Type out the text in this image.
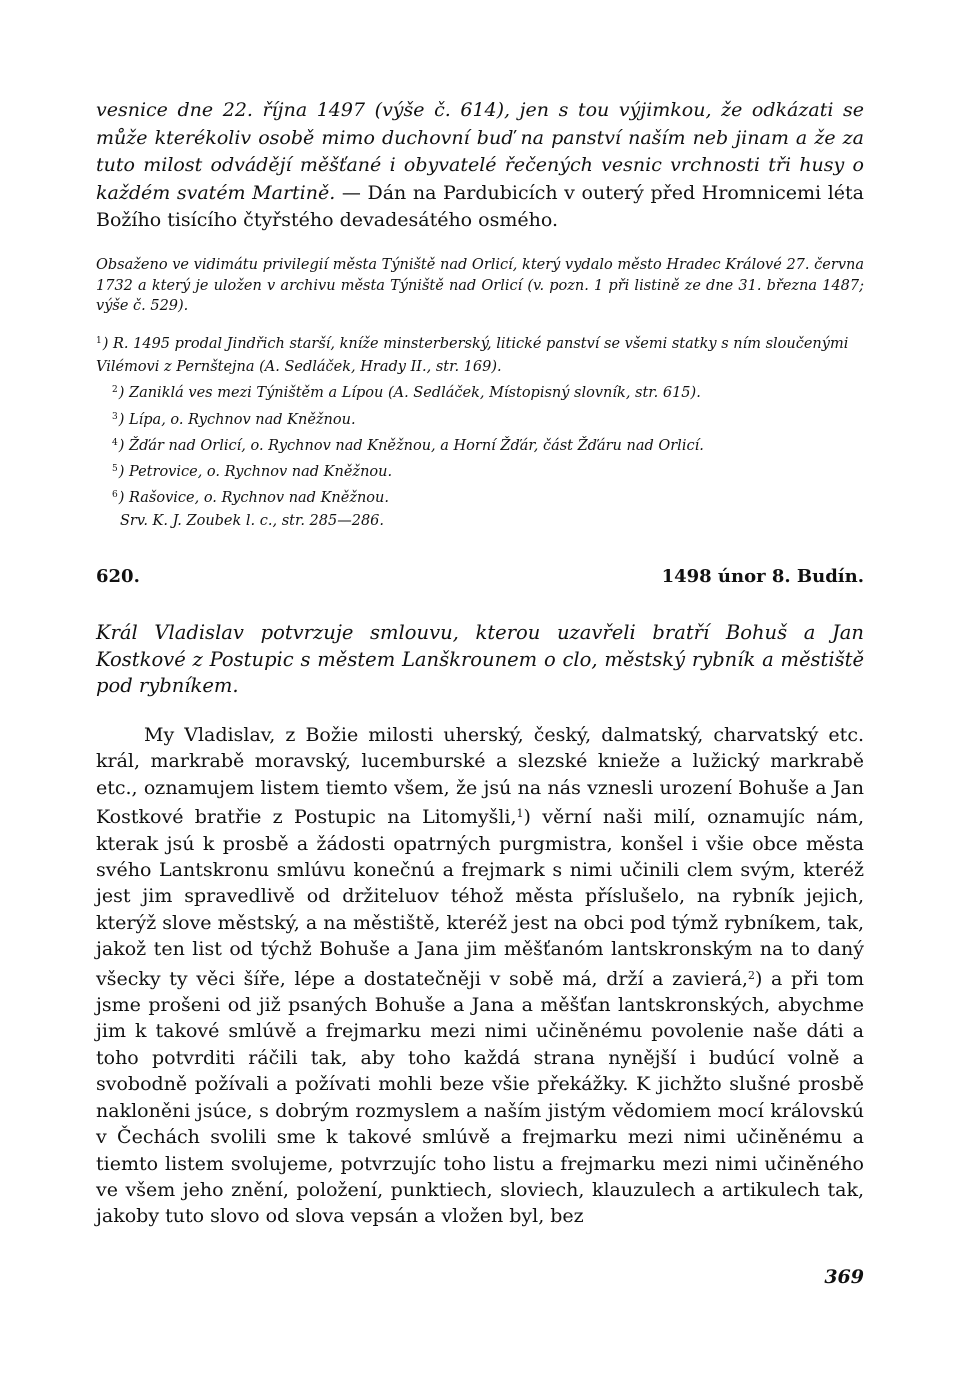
vesnice dne 22. října 1497 (výše č. 614), jen s tou výjimkou, že odkázati se může kterékoliv osobě mimo duchovní buď na panství naším neb jinam a že za tuto milost odvádějí měšťané i obyvatelé řečených vesnic vrchnosti tři husy o každém svatém Martině. — Dán na Pardubicích v outerý před Hromnicemi léta Božího tisícího čtyřstého devadesátého osmého.

Obsaženo ve vidimátu privilegií města Týniště nad Orlicí, který vydalo město Hradec Králové 27. června 1732 a který je uložen v archivu města Týniště nad Orlicí (v. pozn. 1 při listině ze dne 31. března 1487; výše č. 529).

$^1$) R. 1495 prodal Jindřich starší, kníže minsterberský, litické panství se všemi statky s ním sloučenými Vilémovi z Pernštejna (A. Sedláček, Hrady II., str. 169).
$^2$) Zaniklá ves mezi Týništěm a Lípou (A. Sedláček, Místopisný slovník, str. 615).
$^3$) Lípa, o. Rychnov nad Kněžnou.
$^4$) Žďár nad Orlicí, o. Rychnov nad Kněžnou, a Horní Žďár, část Žďáru nad Orlicí.
$^5$) Petrovice, o. Rychnov nad Kněžnou.
$^6$) Rašovice, o. Rychnov nad Kněžnou.
Srv. K. J. Zoubek l. c., str. 285—286.
620.	1498 únor 8. Budín.

Král Vladislav potvrzuje smlouvu, kterou uzavřeli bratří Bohuš a Jan Kostkové z Postupic s městem Lanškrounem o clo, městský rybník a městiště pod rybníkem.

My Vladislav, z Božie milosti uherský, český, dalmatský, charvatský etc. král, markrabě moravský, lucemburské a slezské knieže a lužický markrabě etc., oznamujem listem tiemto všem, že jsú na nás vznesli urození Bohuše a Jan Kostkové bratřie z Postupic na Litomyšli,$^1$) věrní naši milí, oznamujíc nám, kterak jsú k prosbě a žádosti opatrných purgmistra, konšel i všie obce města svého Lantskronu smlúvu konečnú a frejmark s nimi učinili clem svým, kteréž jest jim spravedlivě od držiteluov téhož města příslušelo, na rybník jejich, kterýž slove městský, a na městiště, kteréž jest na obci pod týmž rybníkem, tak, jakož ten list od týchž Bohuše a Jana jim měšťanóm lantskronským na to daný všecky ty věci šíře, lépe a dostatečněji v sobě má, drží a zavierá,$^2$) a při tom jsme prošeni od již psaných Bohuše a Jana a měšťan lantskronských, abychme jim k takové smlúvě a frejmarku mezi nimi učiněnému povolenie naše dáti a toho potvrditi ráčili tak, aby toho každá strana nynější i budúcí volně a svobodně požívali a požívati mohli beze všie překážky. K jichžto slušné prosbě nakloněni jsúce, s dobrým rozmyslem a naším jistým vědomiem mocí královskú v Čechách svolili sme k takové smlúvě a frejmarku mezi nimi učiněnému a tiemto listem svolujeme, potvrzujíc toho listu a frejmarku mezi nimi učiněného ve všem jeho znění, položení, punktiech, sloviech, klauzulech a artikulech tak, jakoby tuto slovo od slova vepsán a vložen byl, bez

369
